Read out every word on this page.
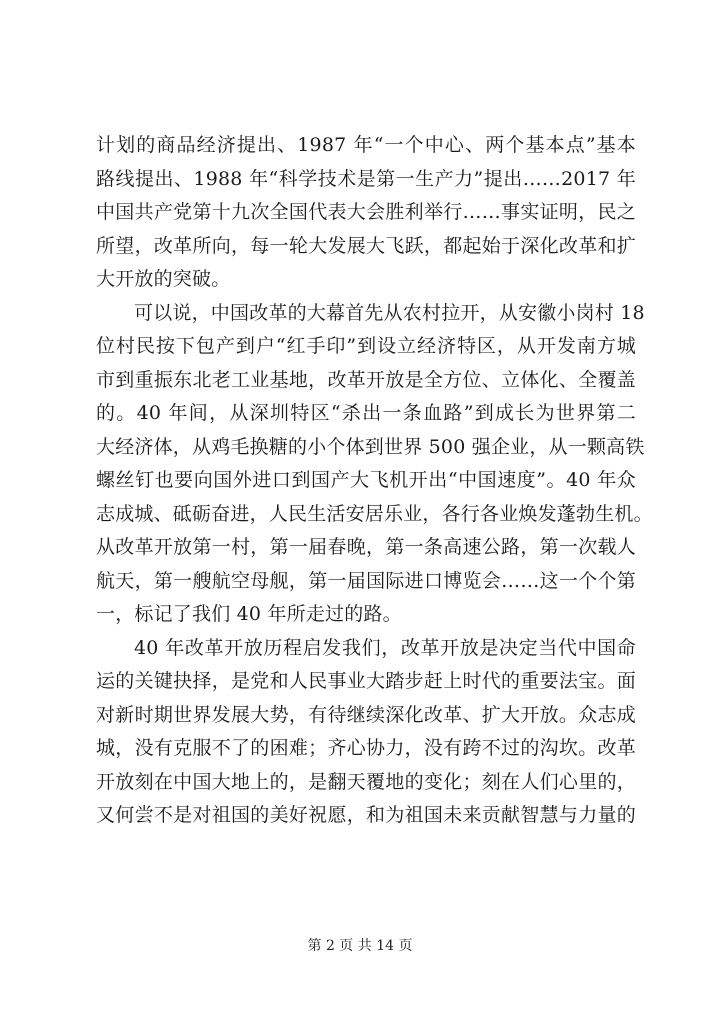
计划的商品经济提出、1987 年“一个中心、两个基本点”基本
路线提出、1988 年“科学技术是第一生产力”提出……2017 年
中国共产党第十九次全国代表大会胜利举行……事实证明，民之
所望，改革所向，每一轮大发展大飞跃，都起始于深化改革和扩
大开放的突破。
可以说，中国改革的大幕首先从农村拉开，从安徽小岗村 18
位村民按下包产到户“红手印”到设立经济特区，从开发南方城
市到重振东北老工业基地，改革开放是全方位、立体化、全覆盖
的。40 年间，从深圳特区“杀出一条血路”到成长为世界第二
大经济体，从鸡毛换糖的小个体到世界 500 强企业，从一颗高铁
螺丝钉也要向国外进口到国产大飞机开出“中国速度”。40 年众
志成城、砥砺奋进，人民生活安居乐业，各行各业焕发蓬勃生机。
从改革开放第一村，第一届春晚，第一条高速公路，第一次载人
航天，第一艘航空母舰，第一届国际进口博览会……这一个个第
一，标记了我们 40 年所走过的路。
40 年改革开放历程启发我们，改革开放是决定当代中国命
运的关键抉择，是党和人民事业大踏步赶上时代的重要法宝。面
对新时期世界发展大势，有待继续深化改革、扩大开放。众志成
城，没有克服不了的困难；齐心协力，没有跨不过的沟坎。改革
开放刻在中国大地上的，是翻天覆地的变化；刻在人们心里的，
又何尝不是对祖国的美好祝愿，和为祖国未来贡献智慧与力量的
第 2 页 共 14 页
